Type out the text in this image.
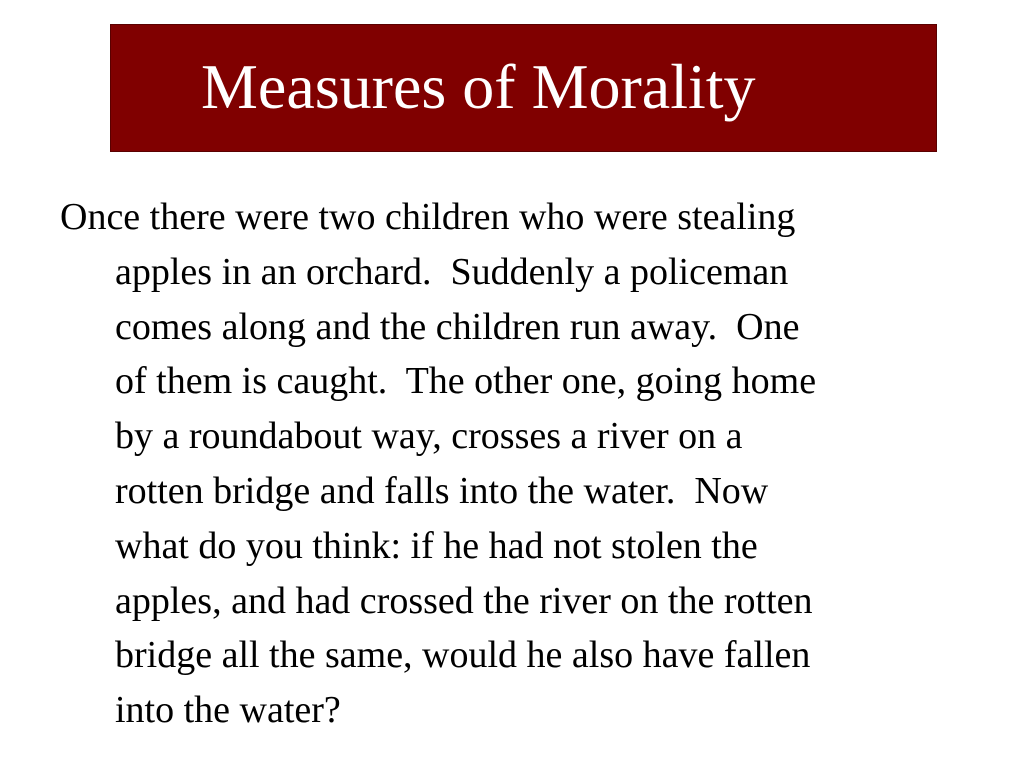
Measures of Morality
Once there were two children who were stealing
apples in an orchard.  Suddenly a policeman
comes along and the children run away.  One
of them is caught.  The other one, going home
by a roundabout way, crosses a river on a
rotten bridge and falls into the water.  Now
what do you think: if he had not stolen the
apples, and had crossed the river on the rotten
bridge all the same, would he also have fallen
into the water?
